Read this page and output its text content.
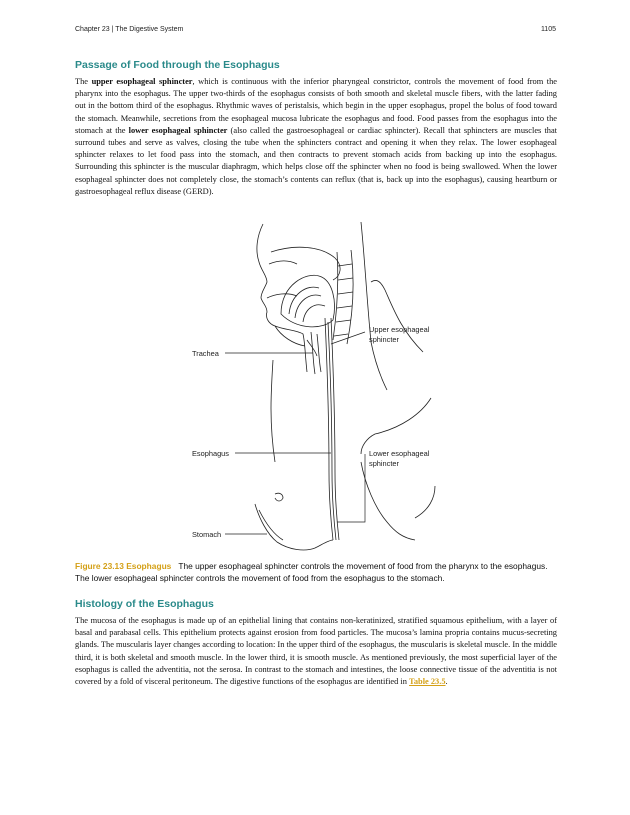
Chapter 23 | The Digestive System	1105
Passage of Food through the Esophagus

The upper esophageal sphincter, which is continuous with the inferior pharyngeal constrictor, controls the movement of food from the pharynx into the esophagus. The upper two-thirds of the esophagus consists of both smooth and skeletal muscle fibers, with the latter fading out in the bottom third of the esophagus. Rhythmic waves of peristalsis, which begin in the upper esophagus, propel the bolus of food toward the stomach. Meanwhile, secretions from the esophageal mucosa lubricate the esophagus and food. Food passes from the esophagus into the stomach at the lower esophageal sphincter (also called the gastroesophageal or cardiac sphincter). Recall that sphincters are muscles that surround tubes and serve as valves, closing the tube when the sphincters contract and opening it when they relax. The lower esophageal sphincter relaxes to let food pass into the stomach, and then contracts to prevent stomach acids from backing up into the esophagus. Surrounding this sphincter is the muscular diaphragm, which helps close off the sphincter when no food is being swallowed. When the lower esophageal sphincter does not completely close, the stomach’s contents can reflux (that is, back up into the esophagus), causing heartburn or gastroesophageal reflux disease (GERD).

Trachea
Esophagus
Stomach
Upper esophageal
sphincter
Lower esophageal
sphincter

Figure 23.13 Esophagus The upper esophageal sphincter controls the movement of food from the pharynx to the esophagus. The lower esophageal sphincter controls the movement of food from the esophagus to the stomach.

Histology of the Esophagus

The mucosa of the esophagus is made up of an epithelial lining that contains non-keratinized, stratified squamous epithelium, with a layer of basal and parabasal cells. This epithelium protects against erosion from food particles. The mucosa’s lamina propria contains mucus-secreting glands. The muscularis layer changes according to location: In the upper third of the esophagus, the muscularis is skeletal muscle. In the middle third, it is both skeletal and smooth muscle. In the lower third, it is smooth muscle. As mentioned previously, the most superficial layer of the esophagus is called the adventitia, not the serosa. In contrast to the stomach and intestines, the loose connective tissue of the adventitia is not covered by a fold of visceral peritoneum. The digestive functions of the esophagus are identified in Table 23.5.
